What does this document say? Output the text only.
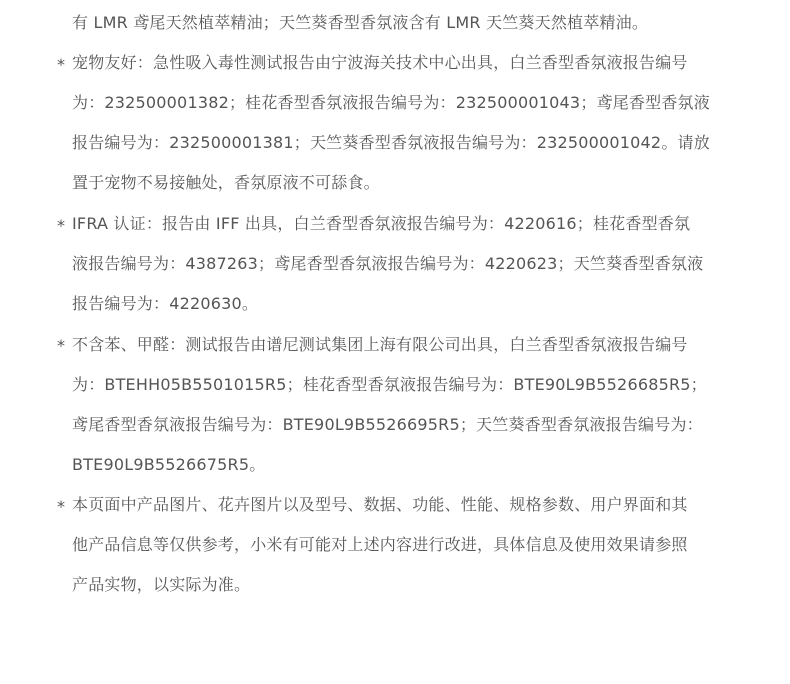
有 LMR 鸢尾天然植萃精油；天竺葵香型香氛液含有 LMR 天竺葵天然植萃精油。
* 宠物友好：急性吸入毒性测试报告由宁波海关技术中心出具，白兰香型香氛液报告编号
为：232500001382；桂花香型香氛液报告编号为：232500001043；鸢尾香型香氛液
报告编号为：232500001381；天竺葵香型香氛液报告编号为：232500001042。请放
置于宠物不易接触处，香氛原液不可舔食。
* IFRA 认证：报告由 IFF 出具，白兰香型香氛液报告编号为：4220616；桂花香型香氛
液报告编号为：4387263；鸢尾香型香氛液报告编号为：4220623；天竺葵香型香氛液
报告编号为：4220630。
* 不含苯、甲醛：测试报告由谱尼测试集团上海有限公司出具，白兰香型香氛液报告编号
为：BTEHH05B5501015R5；桂花香型香氛液报告编号为：BTE90L9B5526685R5；
鸢尾香型香氛液报告编号为：BTE90L9B5526695R5；天竺葵香型香氛液报告编号为：
BTE90L9B5526675R5。
* 本页面中产品图片、花卉图片以及型号、数据、功能、性能、规格参数、用户界面和其
他产品信息等仅供参考，小米有可能对上述内容进行改进，具体信息及使用效果请参照
产品实物，以实际为准。
